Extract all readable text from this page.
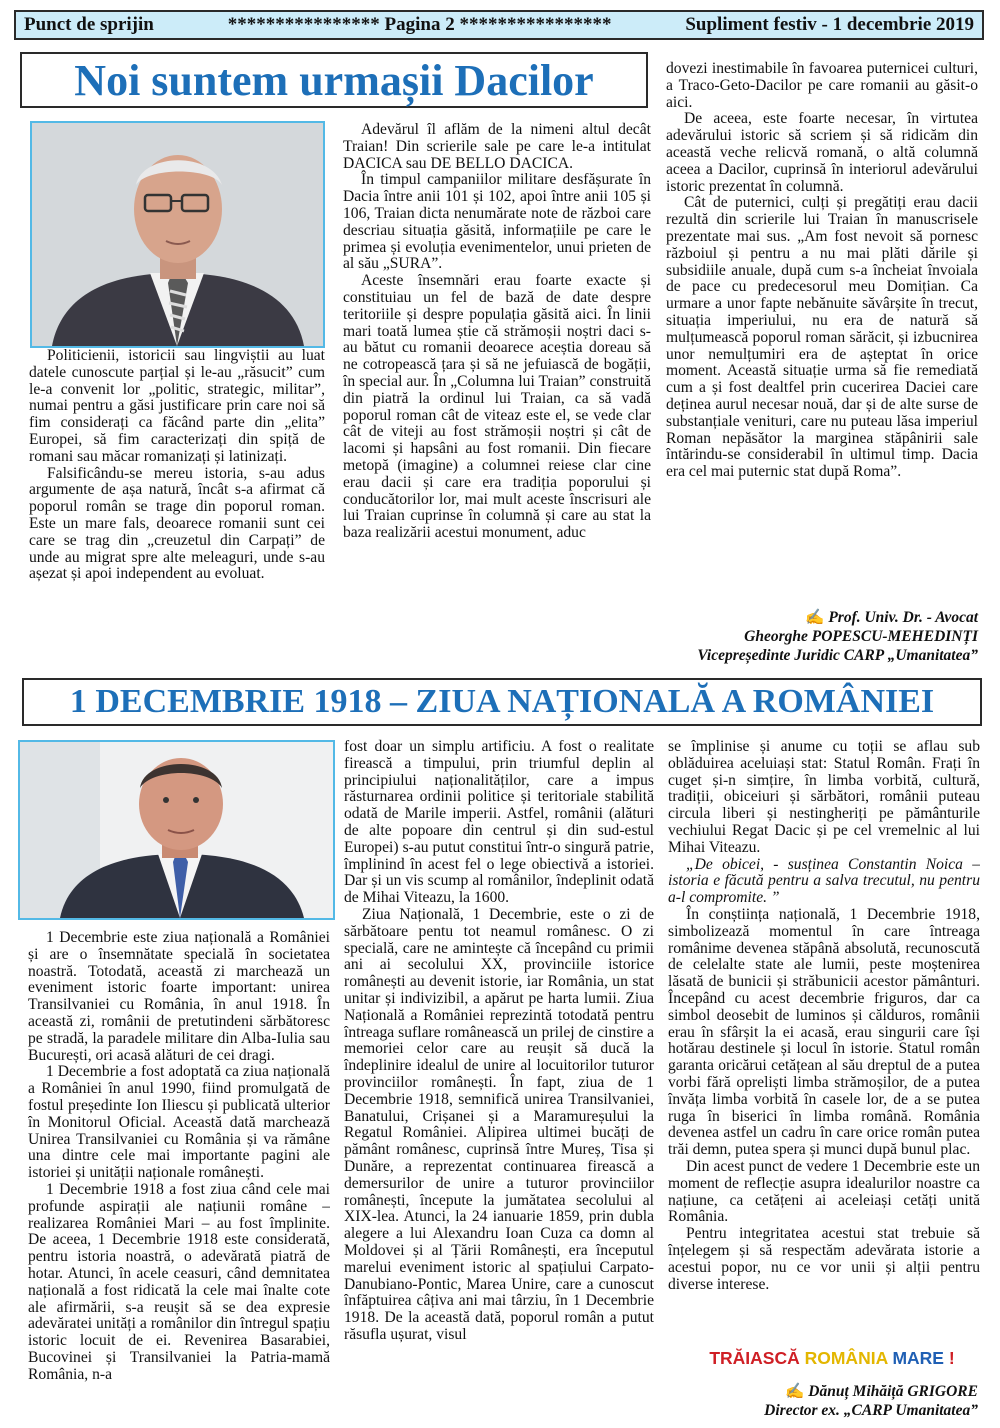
Punct de sprijin	**************** Pagina 2 ****************	Supliment festiv - 1 decembrie 2019
Noi suntem urmașii Dacilor

Politicienii, istoricii sau lingviștii au luat datele cunoscute parțial și le-au „răsucit” cum le-a convenit lor „politic, strategic, militar”, numai pentru a găsi justificare prin care noi să fim considerați ca făcând parte din „elita” Europei, să fim caracterizați din spiță de romani sau măcar romanizați și latinizați.

Falsificându-se mereu istoria, s-au adus argumente de așa natură, încât s-a afirmat că poporul român se trage din poporul roman. Este un mare fals, deoarece romanii sunt cei care se trag din „creuzetul din Carpați” de unde au migrat spre alte meleaguri, unde s-au așezat și apoi independent au evoluat.

Adevărul îl aflăm de la nimeni altul decât Traian! Din scrierile sale pe care le-a intitulat DACICA sau DE BELLO DACICA.

În timpul campaniilor militare desfășurate în Dacia între anii 101 și 102, apoi între anii 105 și 106, Traian dicta nenumărate note de război care descriau situația găsită, informațiile pe care le primea și evoluția evenimentelor, unui prieten de al său „SURA”.

Aceste însemnări erau foarte exacte și constituiau un fel de bază de date despre teritoriile și despre populația găsită aici. În linii mari toată lumea știe că strămoșii noștri daci s-au bătut cu romanii deoarece aceștia doreau să ne cotropească țara și să ne jefuiască de bogății, în special aur. În „Columna lui Traian” construită din piatră la ordinul lui Traian, ca să vadă poporul roman cât de viteaz este el, se vede clar cât de viteji au fost strămoșii noștri și cât de lacomi și hapsâni au fost romanii. Din fiecare metopă (imagine) a columnei reiese clar cine erau dacii și care era tradiția poporului și conducătorilor lor, mai mult aceste înscrisuri ale lui Traian cuprinse în columnă și care au stat la baza realizării acestui monument, aduc

dovezi inestimabile în favoarea puternicei culturi, a Traco-Geto-Dacilor pe care romanii au găsit-o aici.

De aceea, este foarte necesar, în virtutea adevărului istoric să scriem și să ridicăm din această veche relicvă romană, o altă columnă aceea a Dacilor, cuprinsă în interiorul adevărului istoric prezentat în columnă.

Cât de puternici, culți și pregătiți erau dacii rezultă din scrierile lui Traian în manuscrisele prezentate mai sus. „Am fost nevoit să pornesc războiul și pentru a nu mai plăti dările și subsidiile anuale, după cum s-a încheiat învoiala de pace cu predecesorul meu Domițian. Ca urmare a unor fapte nebănuite săvârșite în trecut, situația imperiului, nu era de natură să mulțumească poporul roman sărăcit, și izbucnirea unor nemulțumiri era de așteptat în orice moment. Această situație urma să fie remediată cum a și fost dealtfel prin cucerirea Daciei care deținea aurul necesar nouă, dar și de alte surse de substanțiale venituri, care nu puteau lăsa imperiul Roman nepăsător la marginea stăpânirii sale întărindu-se considerabil în ultimul timp. Dacia era cel mai puternic stat după Roma”.

✍ Prof. Univ. Dr. - Avocat
Gheorghe POPESCU-MEHEDINȚI
Vicepreședinte Juridic CARP „Umanitatea”
1 DECEMBRIE 1918 – ZIUA NAȚIONALĂ A ROMÂNIEI

1 Decembrie este ziua națională a României și are o însemnătate specială în societatea noastră. Totodată, această zi marchează un eveniment istoric foarte important: unirea Transilvaniei cu România, în anul 1918. În această zi, românii de pretutindeni sărbătoresc pe stradă, la paradele militare din Alba-Iulia sau București, ori acasă alături de cei dragi.

1 Decembrie a fost adoptată ca ziua națională a României în anul 1990, fiind promulgată de fostul președinte Ion Iliescu și publicată ulterior în Monitorul Oficial. Această dată marchează Unirea Transilvaniei cu România și va rămâne una dintre cele mai importante pagini ale istoriei și unității naționale românești.

1 Decembrie 1918 a fost ziua când cele mai profunde aspirații ale națiunii române – realizarea României Mari – au fost împlinite. De aceea, 1 Decembrie 1918 este considerată, pentru istoria noastră, o adevărată piatră de hotar. Atunci, în acele ceasuri, când demnitatea națională a fost ridicată la cele mai înalte cote ale afirmării, s-a reușit să se dea expresie adevăratei unități a românilor din întregul spațiu istoric locuit de ei. Revenirea Basarabiei, Bucovinei și Transilvaniei la Patria-mamă România, n-a

fost doar un simplu artificiu. A fost o realitate firească a timpului, prin triumful deplin al principiului naționalităților, care a impus răsturnarea ordinii politice și teritoriale stabilită odată de Marile imperii. Astfel, românii (alături de alte popoare din centrul și din sud-estul Europei) s-au putut constitui într-o singură patrie, împlinind în acest fel o lege obiectivă a istoriei. Dar și un vis scump al românilor, îndeplinit odată de Mihai Viteazu, la 1600.

Ziua Națională, 1 Decembrie, este o zi de sărbătoare pentu tot neamul românesc. O zi specială, care ne amintește că începând cu primii ani ai secolului XX, provinciile istorice românești au devenit istorie, iar România, un stat unitar și indivizibil, a apărut pe harta lumii. Ziua Națională a României reprezintă totodată pentru întreaga suflare românească un prilej de cinstire a memoriei celor care au reușit să ducă la îndeplinire idealul de unire al locuitorilor tuturor provinciilor românești. În fapt, ziua de 1 Decembrie 1918, semnifică unirea Transilvaniei, Banatului, Crișanei și a Maramureșului la Regatul României. Alipirea ultimei bucăți de pământ românesc, cuprinsă între Mureș, Tisa și Dunăre, a reprezentat continuarea firească a demersurilor de unire a tuturor provinciilor românești, începute la jumătatea secolului al XIX-lea. Atunci, la 24 ianuarie 1859, prin dubla alegere a lui Alexandru Ioan Cuza ca domn al Moldovei și al Țării Românești, era începutul marelui eveniment istoric al spațiului Carpato-Danubiano-Pontic, Marea Unire, care a cunoscut înfăptuirea câțiva ani mai târziu, în 1 Decembrie 1918. De la această dată, poporul român a putut răsufla ușurat, visul

se împlinise și anume cu toții se aflau sub oblăduirea aceluiași stat: Statul Român. Frați în cuget și-n simțire, în limba vorbită, cultură, tradiții, obiceiuri și sărbători, românii puteau circula liberi și nestingheriți pe pământurile vechiului Regat Dacic și pe cel vremelnic al lui Mihai Viteazu.

„De obicei, - susținea Constantin Noica – istoria e făcută pentru a salva trecutul, nu pentru a-l compromite. ”

În conștiința națională, 1 Decembrie 1918, simbolizează momentul în care întreaga românime devenea stăpână absolută, recunoscută de celelalte state ale lumii, peste moștenirea lăsată de bunicii și străbunicii acestor pământuri. Începând cu acest decembrie friguros, dar ca simbol deosebit de luminos și călduros, românii erau în sfârșit la ei acasă, erau singurii care își hotărau destinele și locul în istorie. Statul român garanta oricărui cetățean al său dreptul de a putea vorbi fără opreliști limba strămoșilor, de a putea învăța limba vorbită în casele lor, de a se putea ruga în biserici în limba română. România devenea astfel un cadru în care orice român putea trăi demn, putea spera și munci după bunul plac.

Din acest punct de vedere 1 Decembrie este un moment de reflecție asupra idealurilor noastre ca națiune, ca cetățeni ai aceleiași cetăți unită România.

Pentru integritatea acestui stat trebuie să înțelegem și să respectăm adevărata istorie a acestui popor, nu ce vor unii și alții pentru diverse interese.

TRĂIASCĂ ROMÂNIA MARE !
✍ Dănuț Mihăiță GRIGORE
Director ex. „CARP Umanitatea”
